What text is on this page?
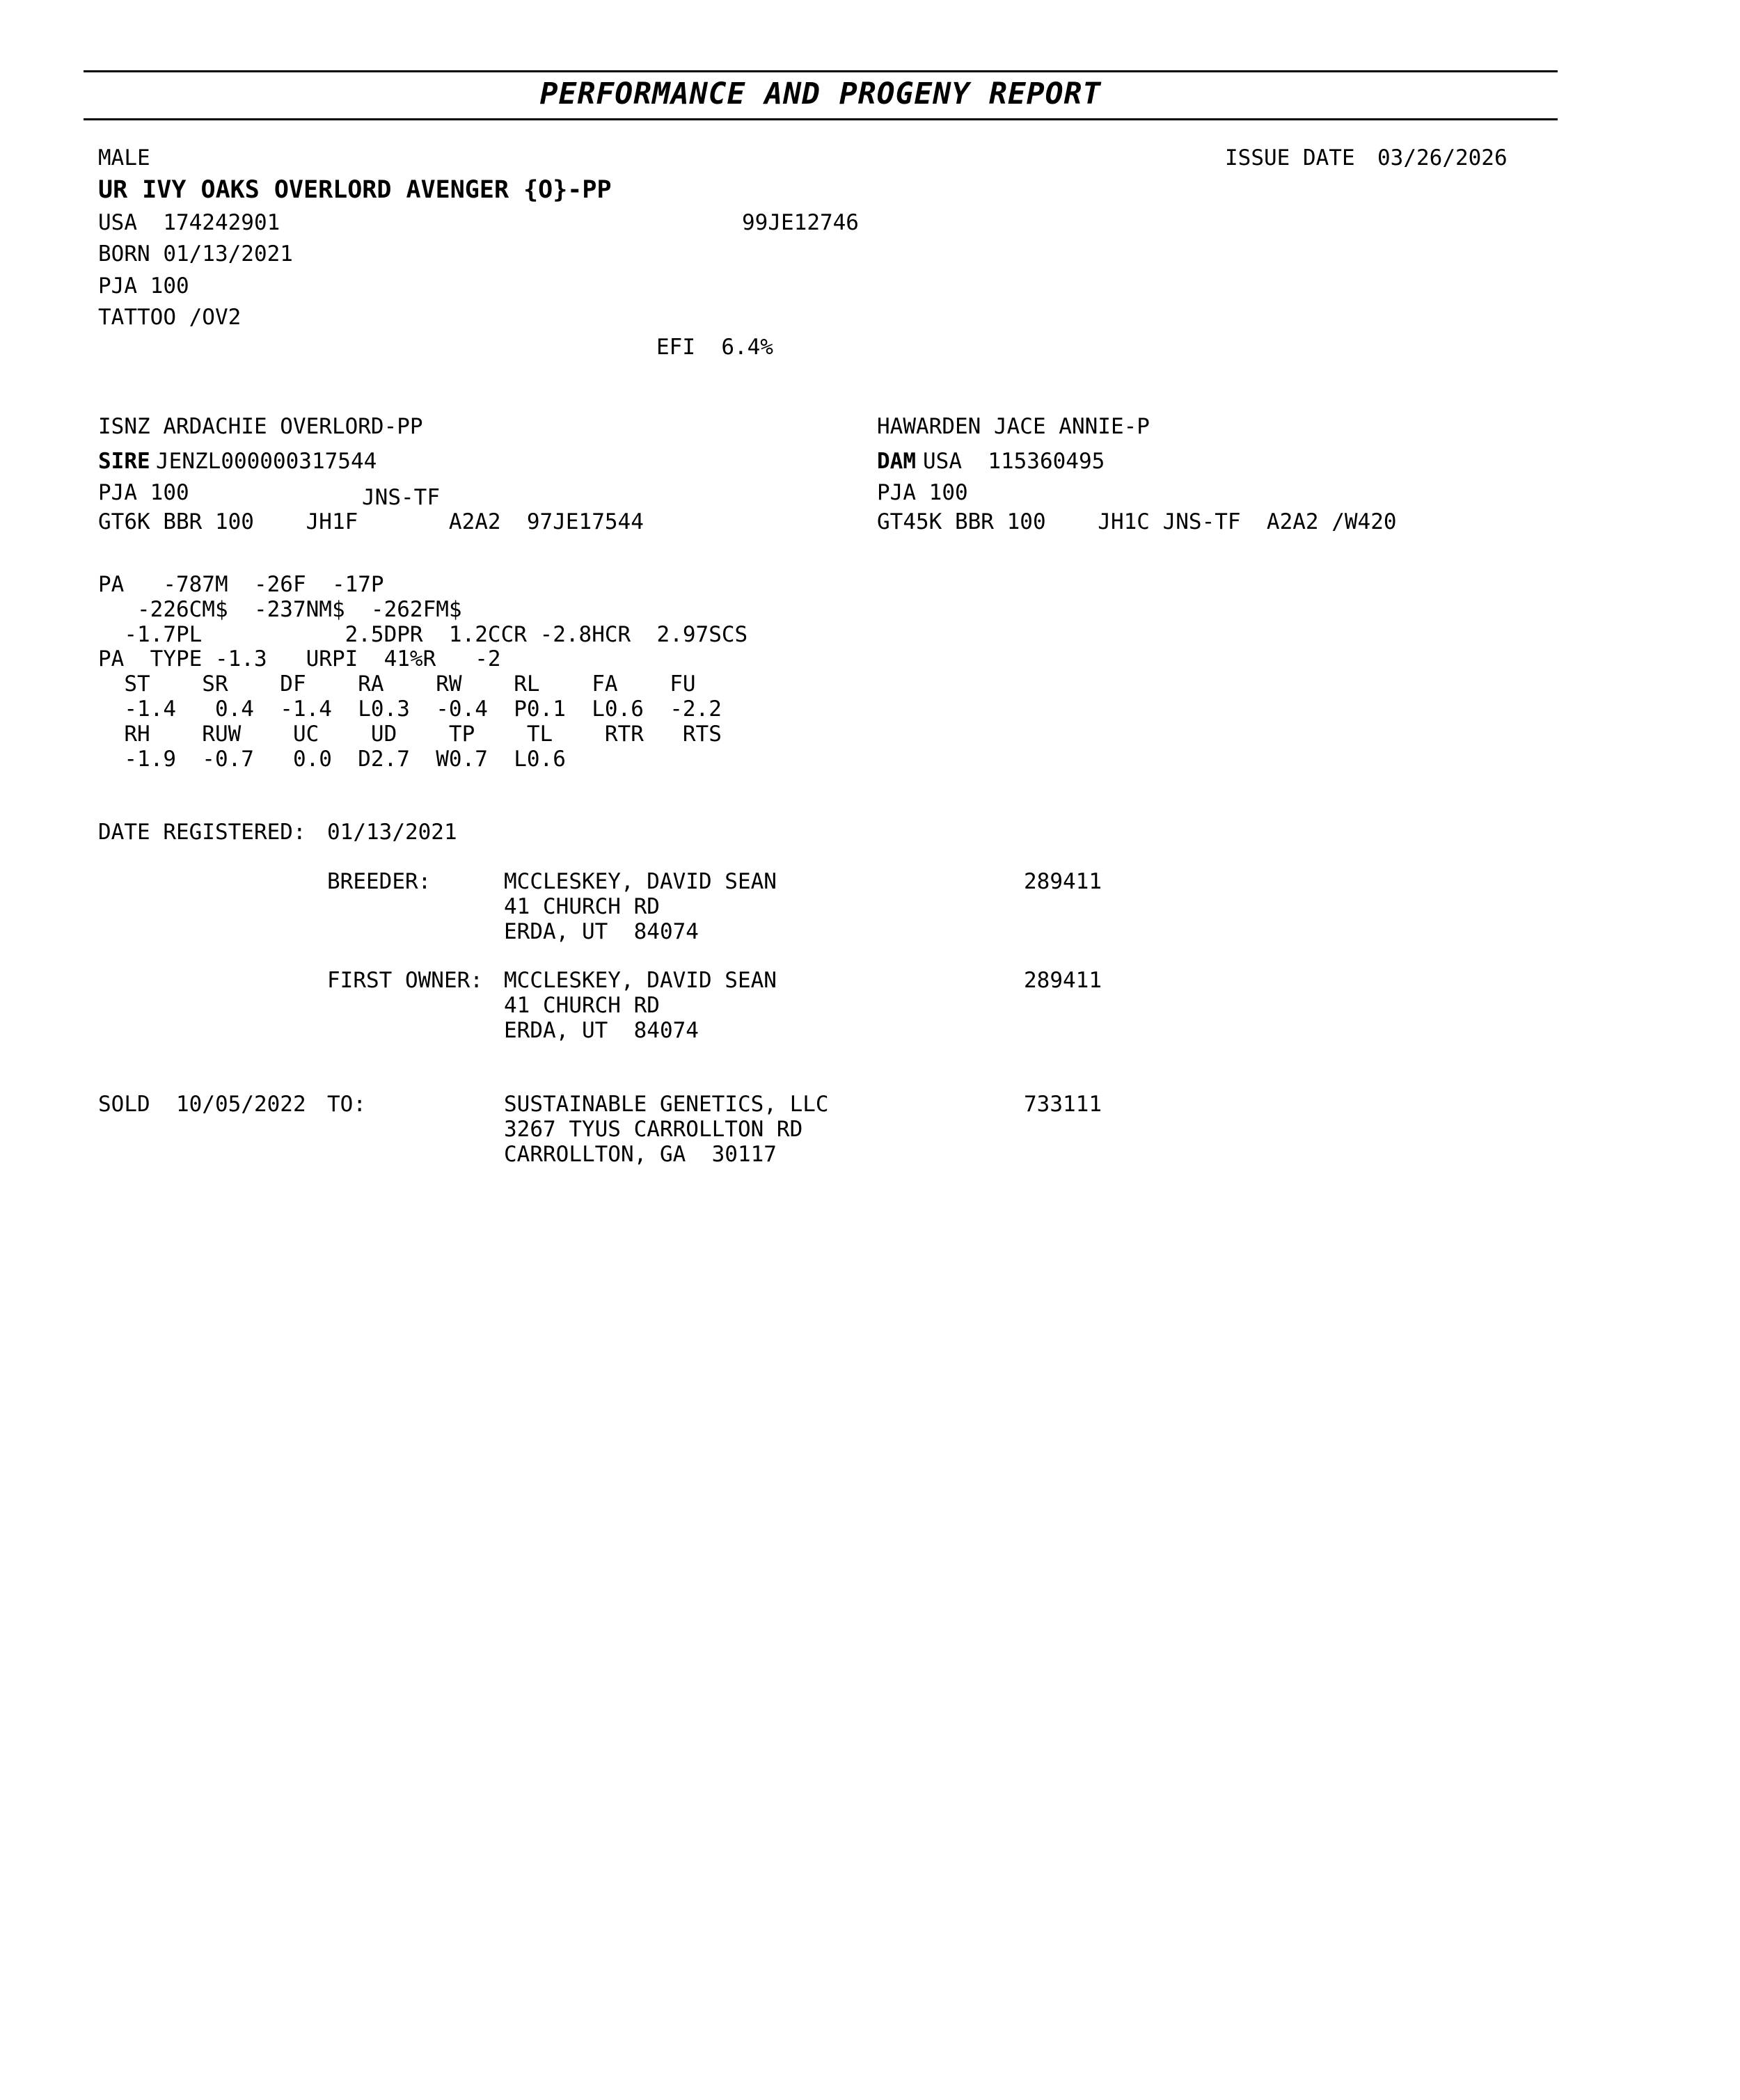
PERFORMANCE AND PROGENY REPORT
MALE	ISSUE DATE 03/26/2026
UR IVY OAKS OVERLORD AVENGER {O}-PP
USA  174242901	99JE12746
BORN 01/13/2021
PJA 100
TATTOO /OV2
EFI  6.4%
ISNZ ARDACHIE OVERLORD-PP
SIRE JENZL000000317544
PJA 100	JNS-TF
GT6K BBR 100    JH1F       A2A2  97JE17544
HAWARDEN JACE ANNIE-P
DAM USA  115360495
PJA 100
GT45K BBR 100    JH1C JNS-TF  A2A2 /W420
PA   -787M  -26F  -17P
-226CM$  -237NM$  -262FM$
-1.7PL           2.5DPR  1.2CCR -2.8HCR  2.97SCS
PA  TYPE -1.3   URPI  41%R   -2
ST    SR    DF    RA    RW    RL    FA    FU
-1.4   0.4  -1.4  L0.3  -0.4  P0.1  L0.6  -2.2
RH    RUW    UC    UD    TP    TL    RTR   RTS
-1.9  -0.7   0.0  D2.7  W0.7  L0.6
DATE REGISTERED: 01/13/2021
BREEDER:	MCCLESKEY, DAVID SEAN	289411
41 CHURCH RD
ERDA, UT  84074
FIRST OWNER: MCCLESKEY, DAVID SEAN	289411
41 CHURCH RD
ERDA, UT  84074
SOLD  10/05/2022 TO:	SUSTAINABLE GENETICS, LLC	733111
3267 TYUS CARROLLTON RD
CARROLLTON, GA  30117
